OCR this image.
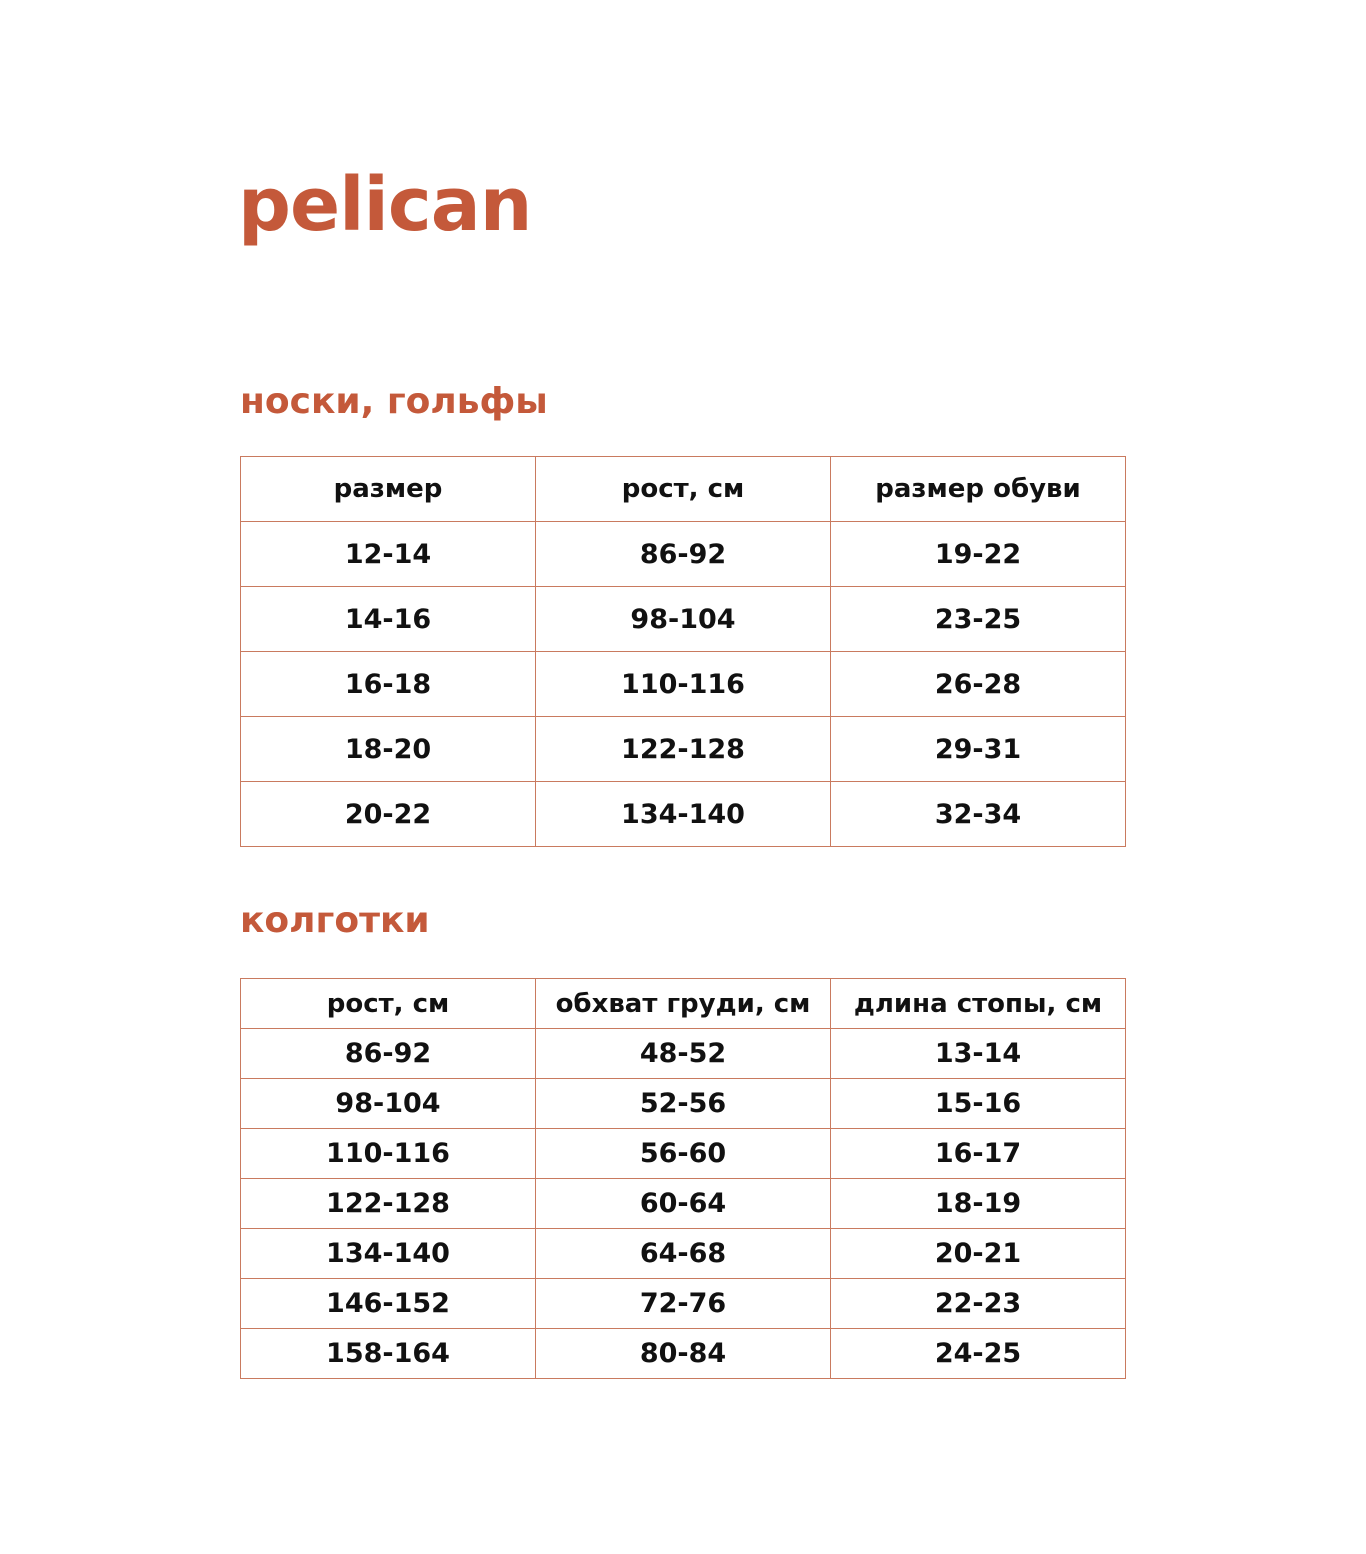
pelican
носки, гольфы
размер	рост, см	размер обуви
12-14	86-92	19-22
14-16	98-104	23-25
16-18	110-116	26-28
18-20	122-128	29-31
20-22	134-140	32-34
колготки
рост, см	обхват груди, см	длина стопы, см
86-92	48-52	13-14
98-104	52-56	15-16
110-116	56-60	16-17
122-128	60-64	18-19
134-140	64-68	20-21
146-152	72-76	22-23
158-164	80-84	24-25
